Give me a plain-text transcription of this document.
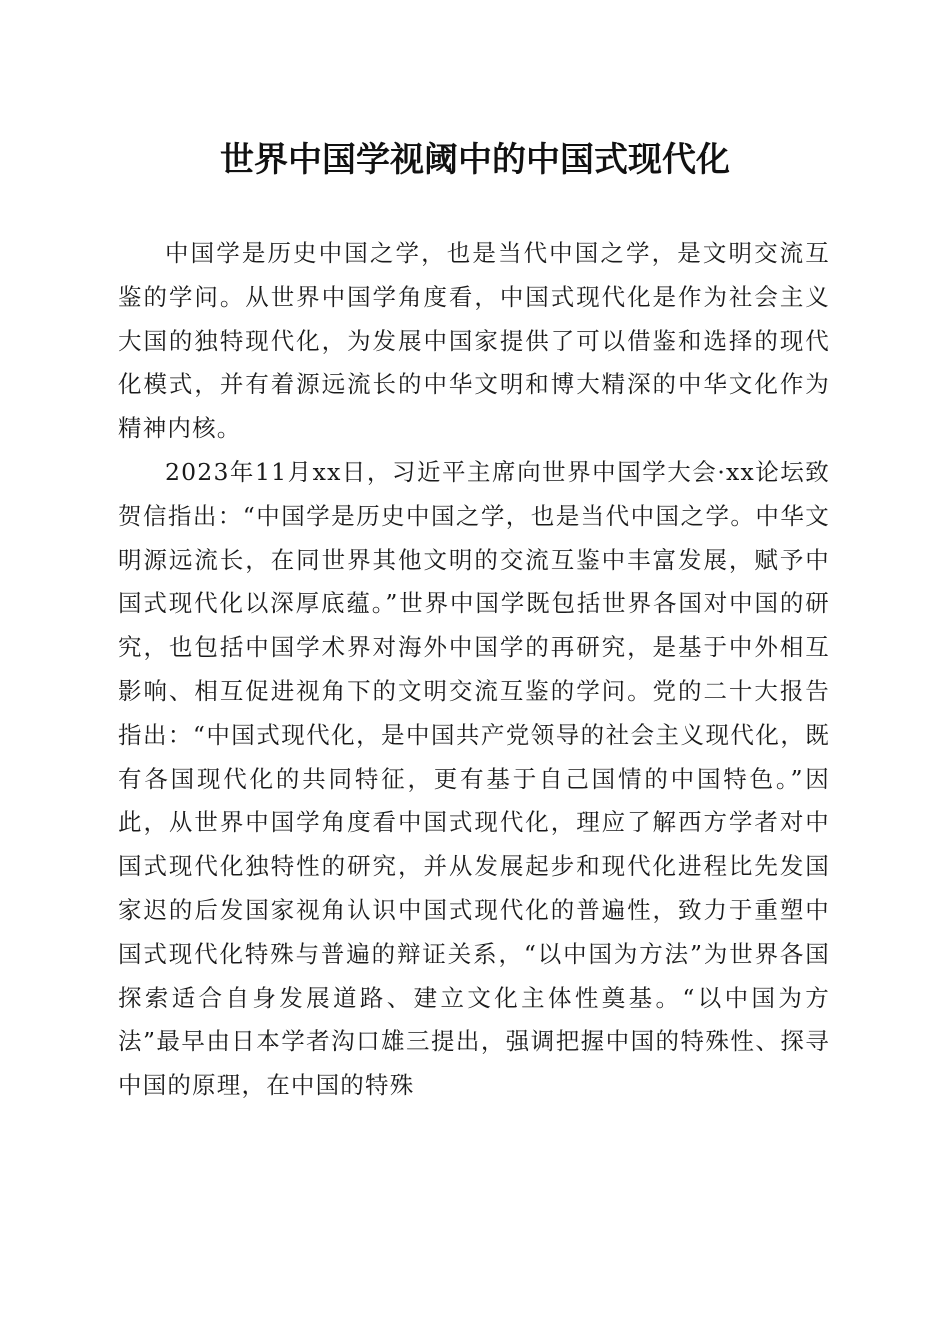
世界中国学视阈中的中国式现代化

中国学是历史中国之学，也是当代中国之学，是文明交流互鉴的学问。从世界中国学角度看，中国式现代化是作为社会主义大国的独特现代化，为发展中国家提供了可以借鉴和选择的现代化模式，并有着源远流长的中华文明和博大精深的中华文化作为精神内核。

2023年11月xx日，习近平主席向世界中国学大会·xx论坛致贺信指出：“中国学是历史中国之学，也是当代中国之学。中华文明源远流长，在同世界其他文明的交流互鉴中丰富发展，赋予中国式现代化以深厚底蕴。”世界中国学既包括世界各国对中国的研究，也包括中国学术界对海外中国学的再研究，是基于中外相互影响、相互促进视角下的文明交流互鉴的学问。党的二十大报告指出：“中国式现代化，是中国共产党领导的社会主义现代化，既有各国现代化的共同特征，更有基于自己国情的中国特色。”因此，从世界中国学角度看中国式现代化，理应了解西方学者对中国式现代化独特性的研究，并从发展起步和现代化进程比先发国家迟的后发国家视角认识中国式现代化的普遍性，致力于重塑中国式现代化特殊与普遍的辩证关系，“以中国为方法”为世界各国探索适合自身发展道路、建立文化主体性奠基。“以中国为方法”最早由日本学者沟口雄三提出，强调把握中国的特殊性、探寻中国的原理，在中国的特殊
